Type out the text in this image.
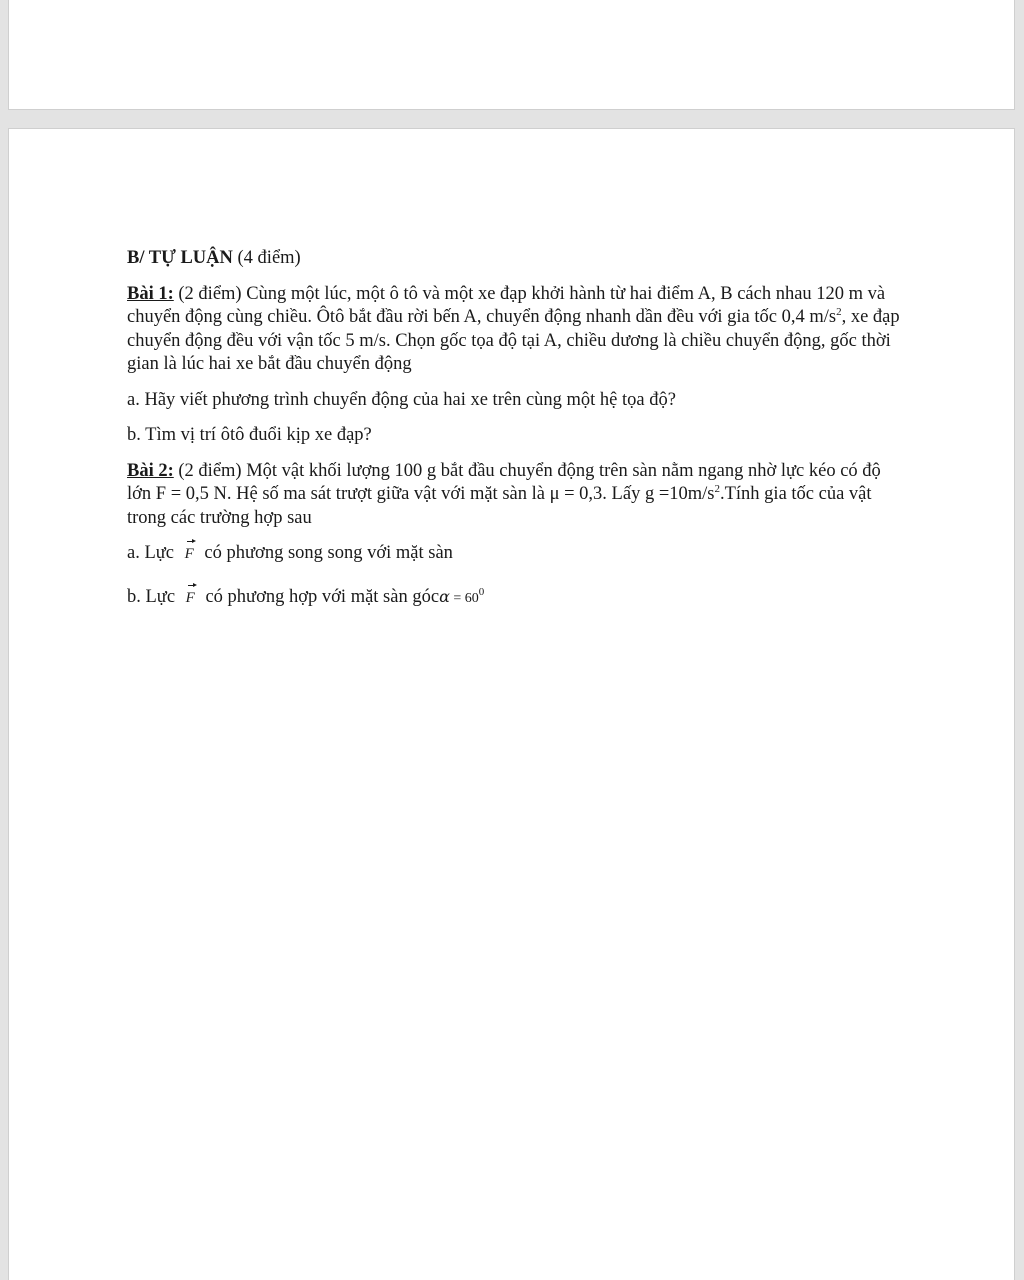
B/ TỰ LUẬN (4 điểm)

Bài 1: (2 điểm) Cùng một lúc, một ô tô và một xe đạp khởi hành từ hai điểm A, B cách nhau 120 m và chuyển động cùng chiều. Ôtô bắt đầu rời bến A, chuyển động nhanh dần đều với gia tốc 0,4 $m/s^2$, xe đạp chuyển động đều với vận tốc 5 m/s. Chọn gốc tọa độ tại A, chiều dương là chiều chuyển động, gốc thời gian là lúc hai xe bắt đầu chuyển động

a. Hãy viết phương trình chuyển động của hai xe trên cùng một hệ tọa độ?

b. Tìm vị trí ôtô đuổi kịp xe đạp?

Bài 2: (2 điểm) Một vật khối lượng 100 g bắt đầu chuyển động trên sàn nằm ngang nhờ lực kéo có độ lớn F = 0,5 N. Hệ số ma sát trượt giữa vật với mặt sàn là μ = 0,3. Lấy $g =10m/s^2.Tính$ gia tốc của vật trong các trường hợp sau

a. Lực F có phương song song với mặt sàn

b. Lực F có phương hợp với mặt sàn gócα = $60^0$
